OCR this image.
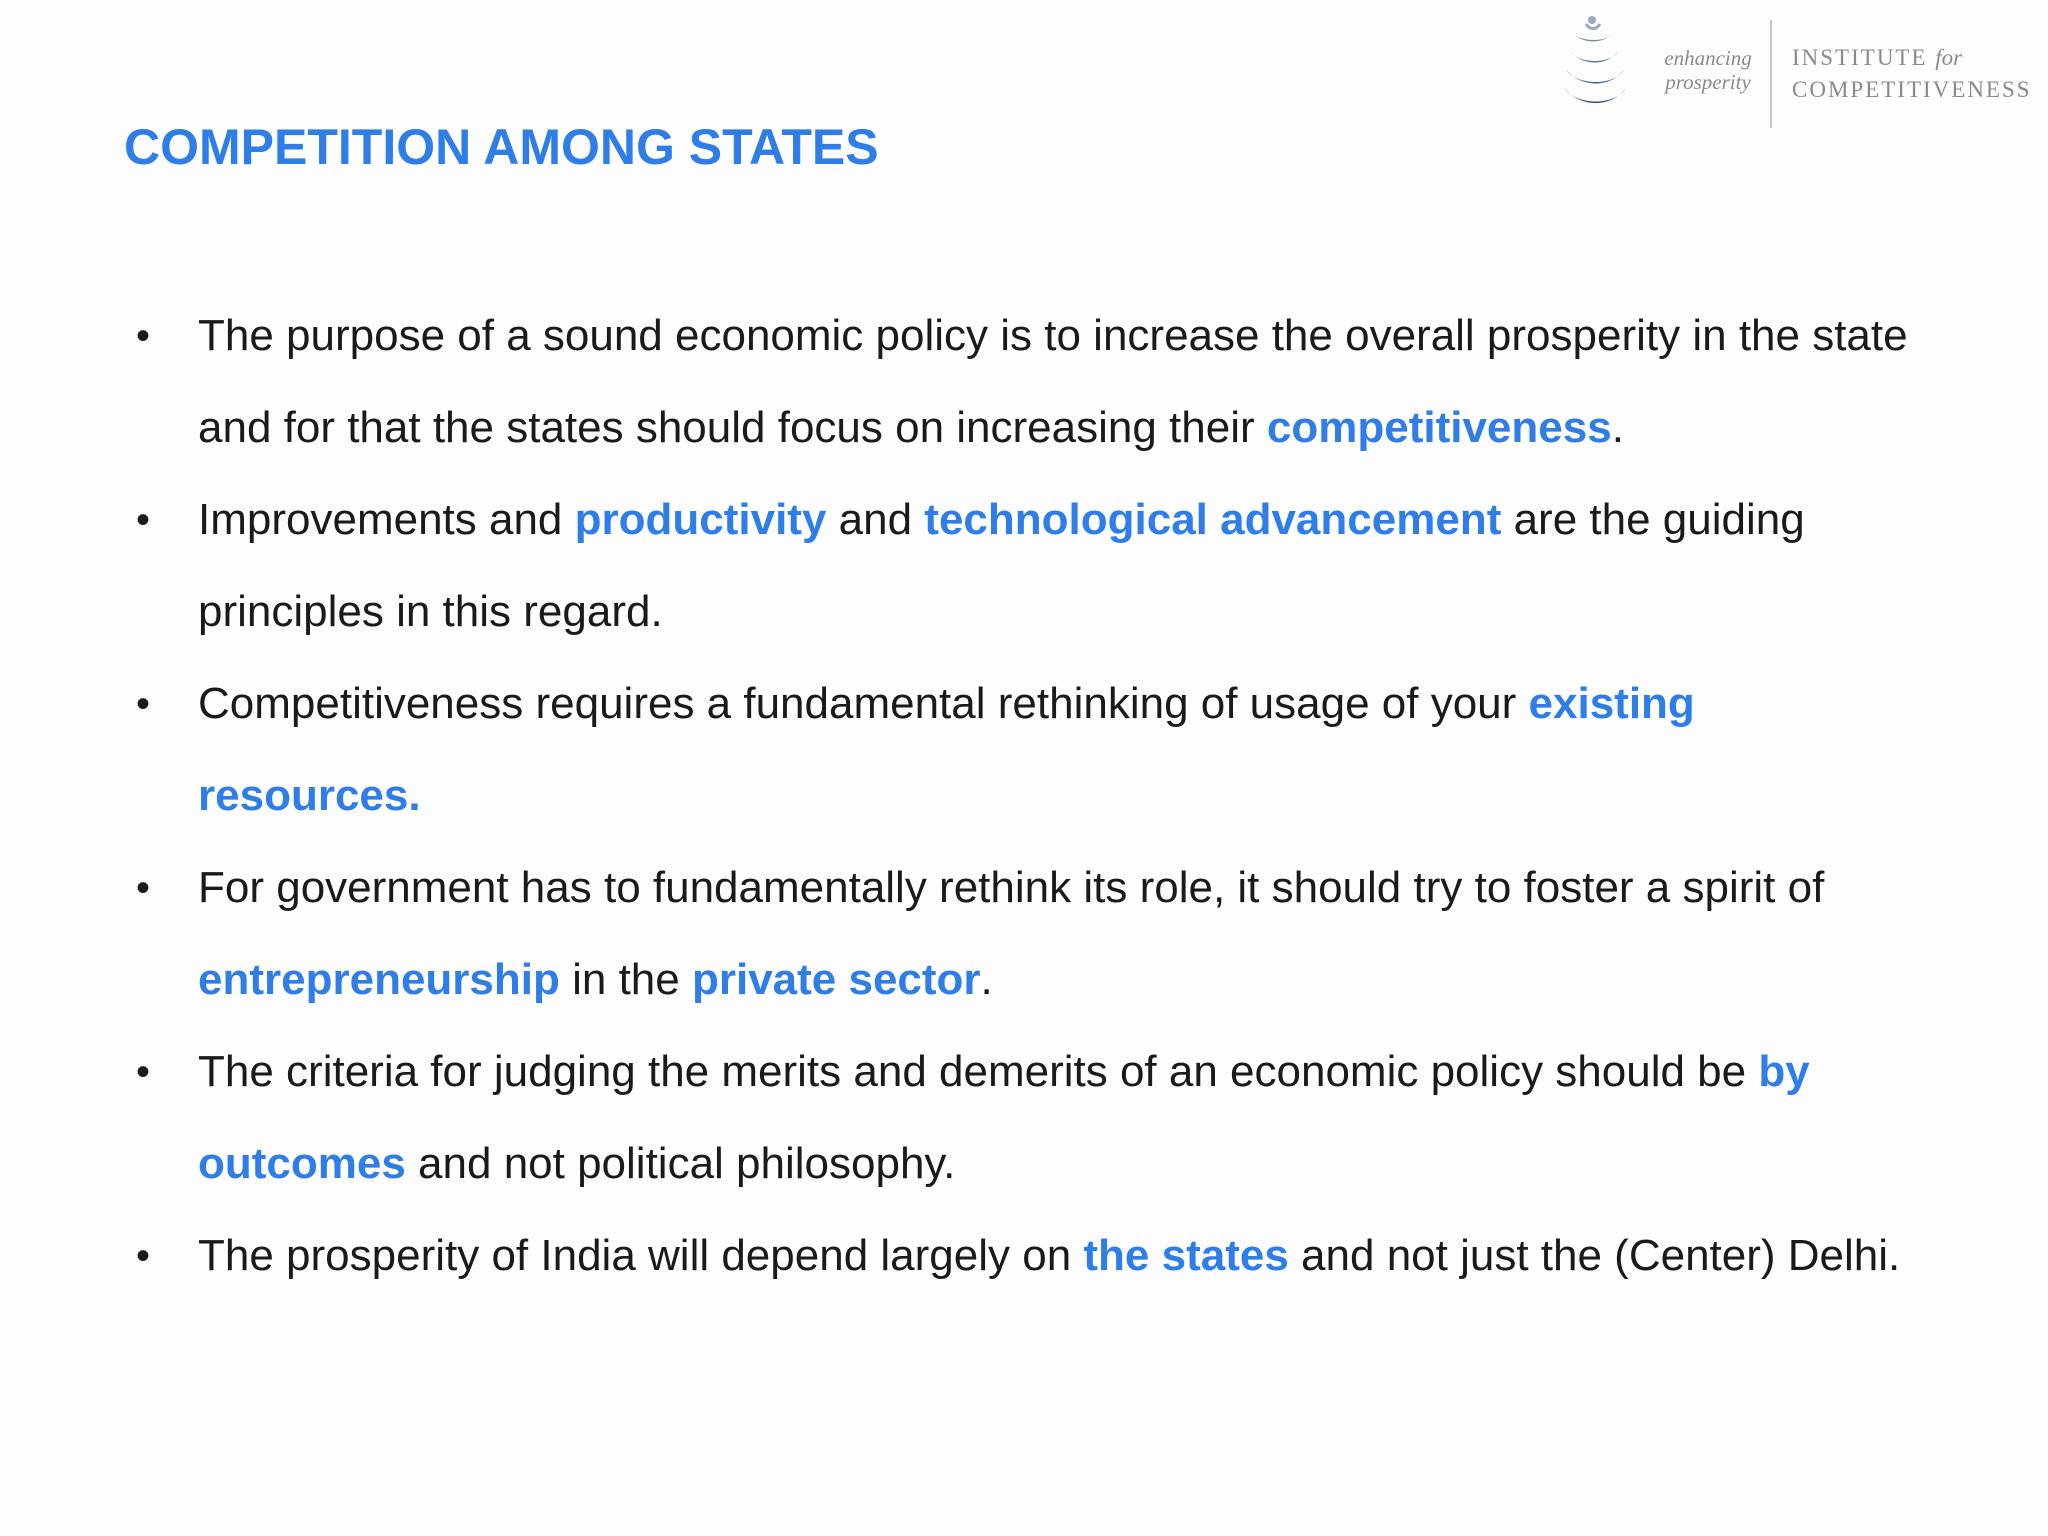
enhancing
prosperity
INSTITUTE for
COMPETITIVENESS
COMPETITION AMONG STATES
• The purpose of a sound economic policy is to increase the overall prosperity in the state and for that the states should focus on increasing their competitiveness.
• Improvements and productivity and technological advancement are the guiding principles in this regard.
• Competitiveness requires a fundamental rethinking of usage of your existing resources.
• For government has to fundamentally rethink its role, it should try to foster a spirit of entrepreneurship in the private sector.
• The criteria for judging the merits and demerits of an economic policy should be by outcomes and not political philosophy.
• The prosperity of India will depend largely on the states and not just the (Center) Delhi.
